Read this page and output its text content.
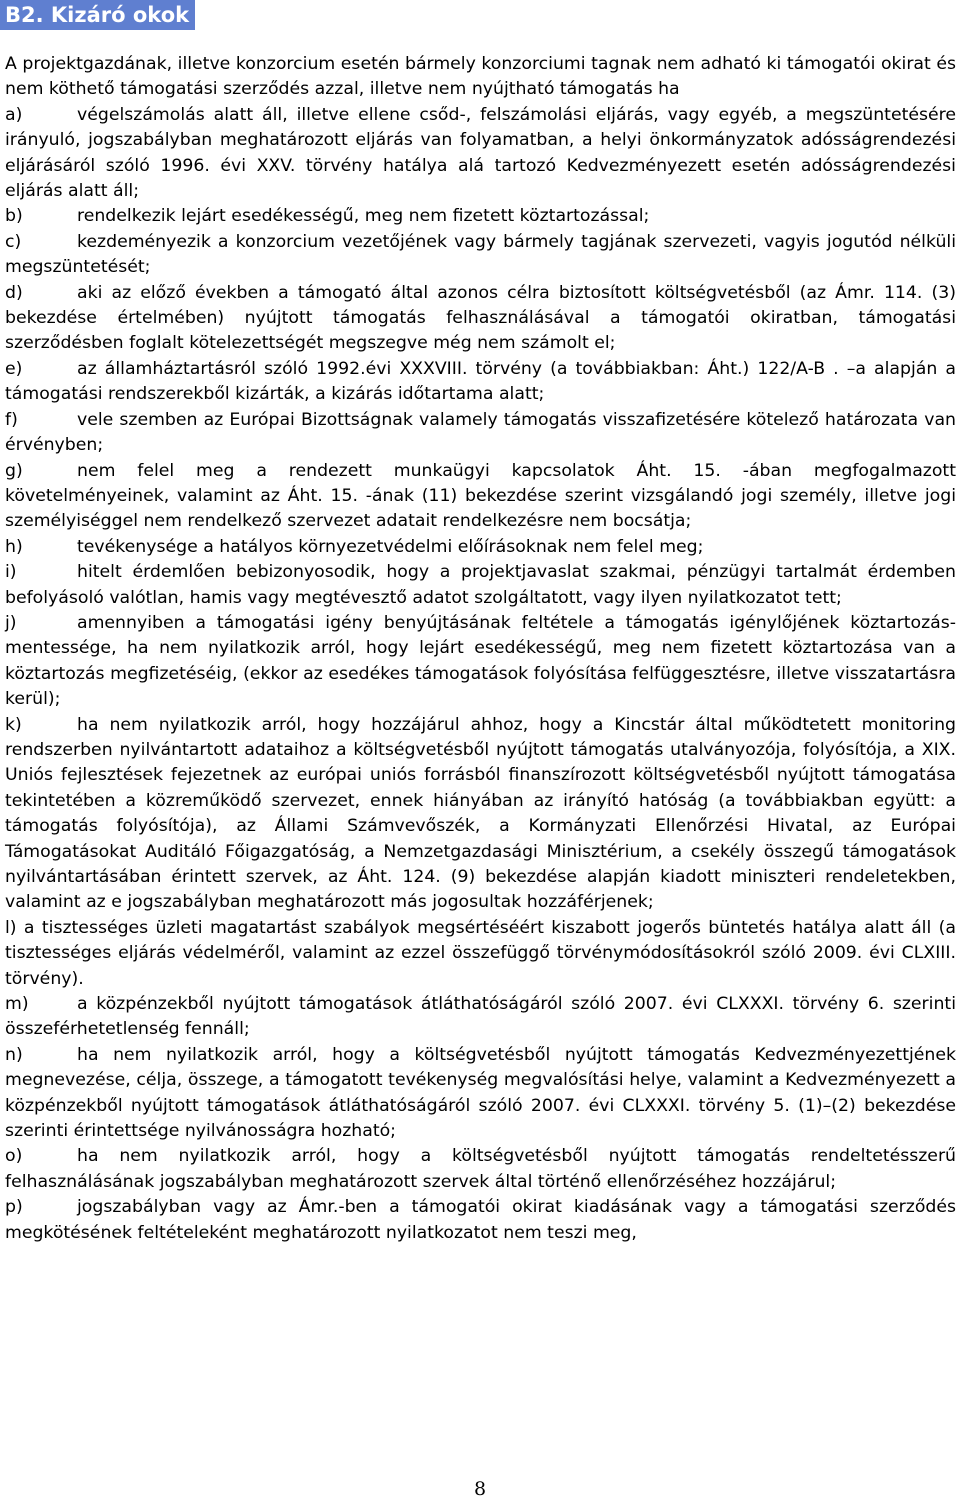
B2. Kizáró okok

A projektgazdának, illetve konzorcium esetén bármely konzorciumi tagnak nem adható ki támogatói okirat és nem köthető támogatási szerződés azzal, illetve nem nyújtható támogatás ha

a)	végelszámolás alatt áll, illetve ellene csőd-, felszámolási eljárás, vagy egyéb, a megszüntetésére irányuló, jogszabályban meghatározott eljárás van folyamatban, a helyi önkormányzatok adósságrendezési eljárásáról szóló 1996. évi XXV. törvény hatálya alá tartozó Kedvezményezett esetén adósságrendezési eljárás alatt áll;
b)	rendelkezik lejárt esedékességű, meg nem fizetett köztartozással;
c)	kezdeményezik a konzorcium vezetőjének vagy bármely tagjának szervezeti, vagyis jogutód nélküli megszüntetését;
d)	aki az előző években a támogató által azonos célra biztosított költségvetésből (az Ámr. 114. (3) bekezdése értelmében) nyújtott támogatás felhasználásával a támogatói okiratban, támogatási szerződésben foglalt kötelezettségét megszegve még nem számolt el;
e)	az államháztartásról szóló 1992.évi XXXVIII. törvény (a továbbiakban: Áht.) 122/A-B . –a alapján a támogatási rendszerekből kizárták, a kizárás időtartama alatt;
f)	vele szemben az Európai Bizottságnak valamely támogatás visszafizetésére kötelező határozata van érvényben;
g)	nem felel meg a rendezett munkaügyi kapcsolatok Áht. 15. -ában megfogalmazott követelményeinek, valamint az Áht. 15. -ának (11) bekezdése szerint vizsgálandó jogi személy, illetve jogi személyiséggel nem rendelkező szervezet adatait rendelkezésre nem bocsátja;
h)	tevékenysége a hatályos környezetvédelmi előírásoknak nem felel meg;
i)	hitelt érdemlően bebizonyosodik, hogy a projektjavaslat szakmai, pénzügyi tartalmát érdemben befolyásoló valótlan, hamis vagy megtévesztő adatot szolgáltatott, vagy ilyen nyilatkozatot tett;
j)	amennyiben a támogatási igény benyújtásának feltétele a támogatás igénylőjének köztartozás-mentessége, ha nem nyilatkozik arról, hogy lejárt esedékességű, meg nem fizetett köztartozása van a köztartozás megfizetéséig, (ekkor az esedékes támogatások folyósítása felfüggesztésre, illetve visszatartásra kerül);
k)	ha nem nyilatkozik arról, hogy hozzájárul ahhoz, hogy a Kincstár által működtetett monitoring rendszerben nyilvántartott adataihoz a költségvetésből nyújtott támogatás utalványozója, folyósítója, a XIX. Uniós fejlesztések fejezetnek az európai uniós forrásból finanszírozott költségvetésből nyújtott támogatása tekintetében a közreműködő szervezet, ennek hiányában az irányító hatóság (a továbbiakban együtt: a támogatás folyósítója), az Állami Számvevőszék, a Kormányzati Ellenőrzési Hivatal, az Európai Támogatásokat Auditáló Főigazgatóság, a Nemzetgazdasági Minisztérium, a csekély összegű támogatások nyilvántartásában érintett szervek, az Áht. 124. (9) bekezdése alapján kiadott miniszteri rendeletekben, valamint az e jogszabályban meghatározott más jogosultak hozzáférjenek;
l) a tisztességes üzleti magatartást szabályok megsértéséért kiszabott jogerős büntetés hatálya alatt áll (a tisztességes eljárás védelméről, valamint az ezzel összefüggő törvénymódosításokról szóló 2009. évi CLXIII. törvény).
m)	a közpénzekből nyújtott támogatások átláthatóságáról szóló 2007. évi CLXXXI. törvény 6. szerinti összeférhetetlenség fennáll;
n)	ha nem nyilatkozik arról, hogy a költségvetésből nyújtott támogatás Kedvezményezettjének megnevezése, célja, összege, a támogatott tevékenység megvalósítási helye, valamint a Kedvezményezett a közpénzekből nyújtott támogatások átláthatóságáról szóló 2007. évi CLXXXI. törvény 5. (1)–(2) bekezdése szerinti érintettsége nyilvánosságra hozható;
o)	ha nem nyilatkozik arról, hogy a költségvetésből nyújtott támogatás rendeltetésszerű felhasználásának jogszabályban meghatározott szervek által történő ellenőrzéséhez hozzájárul;
p)	jogszabályban vagy az Ámr.-ben a támogatói okirat kiadásának vagy a támogatási szerződés megkötésének feltételeként meghatározott nyilatkozatot nem teszi meg,
8
